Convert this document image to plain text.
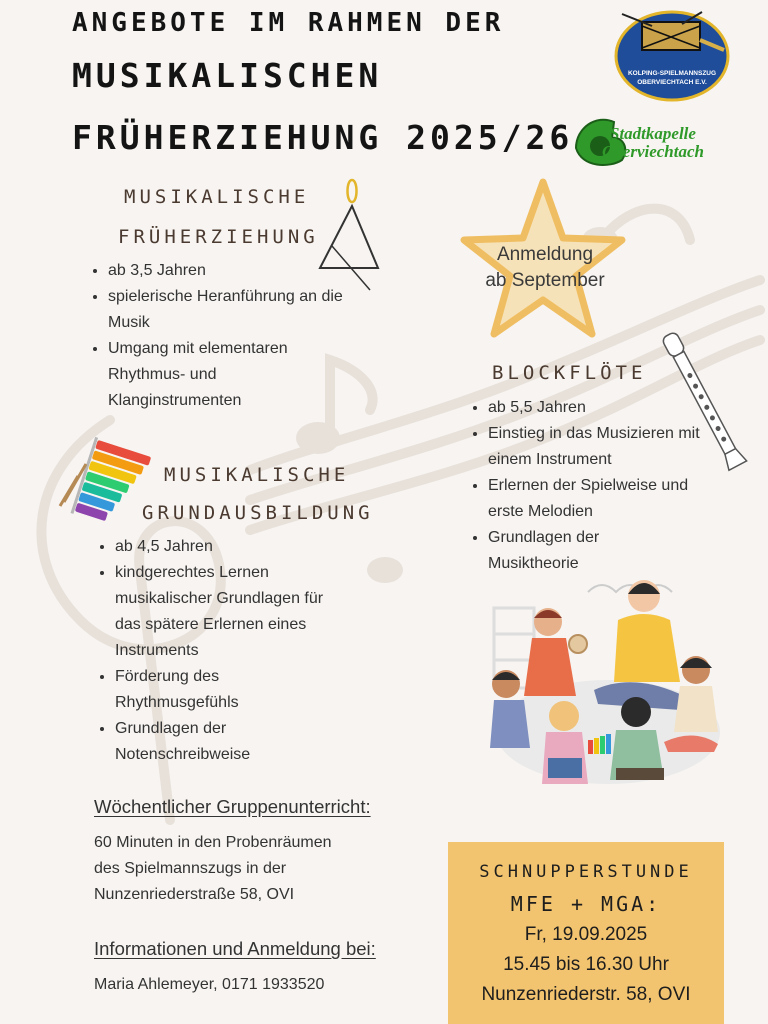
ANGEBOTE IM RAHMEN DER
MUSIKALISCHEN
FRÜHERZIEHUNG 2025/26
KOLPING-SPIELMANNSZUG
OBERVIECHTACH E.V.
Stadtkapelle
Oberviechtach
MUSIKALISCHE
FRÜHERZIEHUNG
• ab 3,5 Jahren
• spielerische Heranführung an die Musik
• Umgang mit elementaren Rhythmus- und Klanginstrumenten
Anmeldung
ab September
BLOCKFLÖTE
• ab 5,5 Jahren
• Einstieg in das Musizieren mit einem Instrument
• Erlernen der Spielweise und erste Melodien
• Grundlagen der Musiktheorie
MUSIKALISCHE
GRUNDAUSBILDUNG
• ab 4,5 Jahren
• kindgerechtes Lernen musikalischer Grundlagen für das spätere Erlernen eines Instruments
• Förderung des Rhythmusgefühls
• Grundlagen der Notenschreibweise
Wöchentlicher Gruppenunterricht:
60 Minuten in den Probenräumen
des Spielmannszugs in der
Nunzenriederstraße 58, OVI
Informationen und Anmeldung bei:
Maria Ahlemeyer, 0171 1933520
SCHNUPPERSTUNDE
MFE + MGA:
Fr, 19.09.2025
15.45 bis 16.30 Uhr
Nunzenriederstr. 58, OVI
